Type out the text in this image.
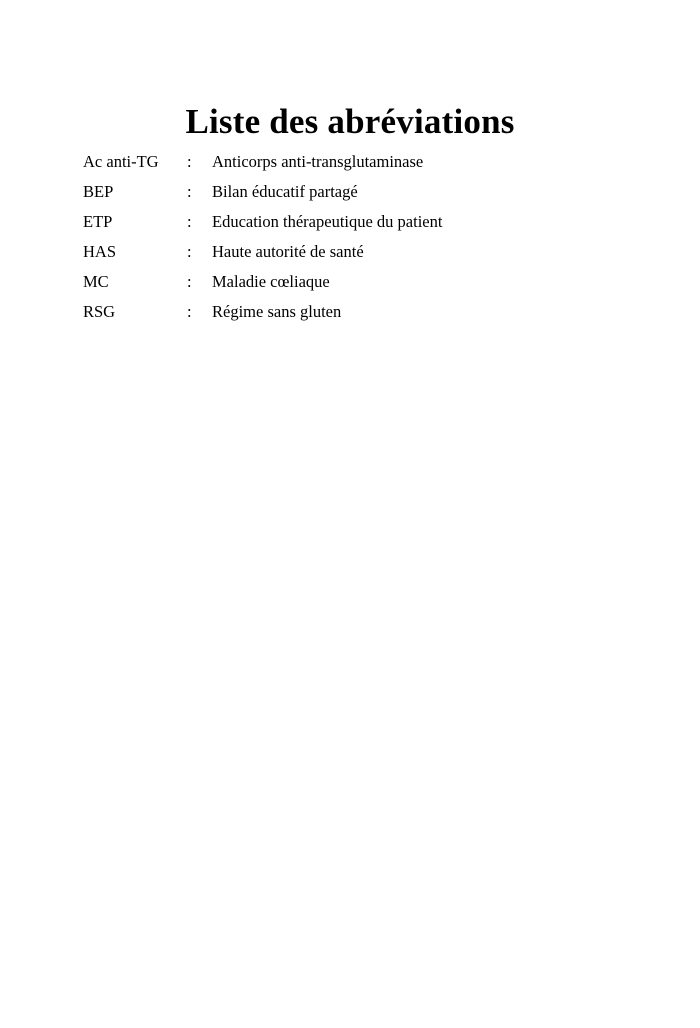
Liste des abréviations
Ac anti-TG : Anticorps anti-transglutaminase
BEP	: Bilan éducatif partagé
ETP	: Education thérapeutique du patient
HAS	: Haute autorité de santé
MC	: Maladie cœliaque
RSG	: Régime sans gluten
